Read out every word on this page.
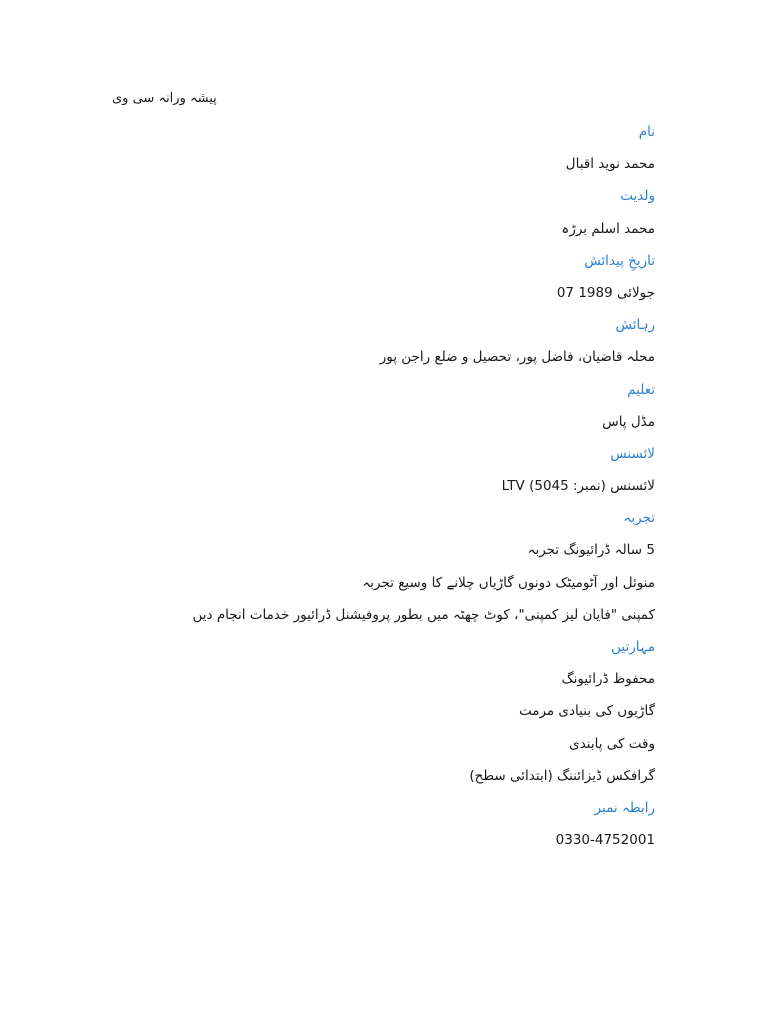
پیشہ ورانہ سی وی
نام
محمد نوید اقبال
ولدیت
محمد اسلم برڑہ
تاریخِ پیدائش
جولائی 1989 07
رہائش
محلہ قاضیان، فاضل پور، تحصیل و ضلع راجن پور
تعلیم
مڈل پاس
لائسنس
لائسنس (نمبر: 5045) LTV
تجربہ
5 سالہ ڈرائیونگ تجربہ
منوئل اور آٹومیٹک دونوں گاڑیاں چلانے کا وسیع تجربہ
کمپنی "فایان لیز کمپنی"، کوٹ چھٹہ میں بطور پروفیشنل ڈرائیور خدمات انجام دیں
مہارتیں
محفوظ ڈرائیونگ
گاڑیوں کی بنیادی مرمت
وقت کی پابندی
گرافکس ڈیزائننگ (ابتدائی سطح)
رابطہ نمبر
0330-4752001
